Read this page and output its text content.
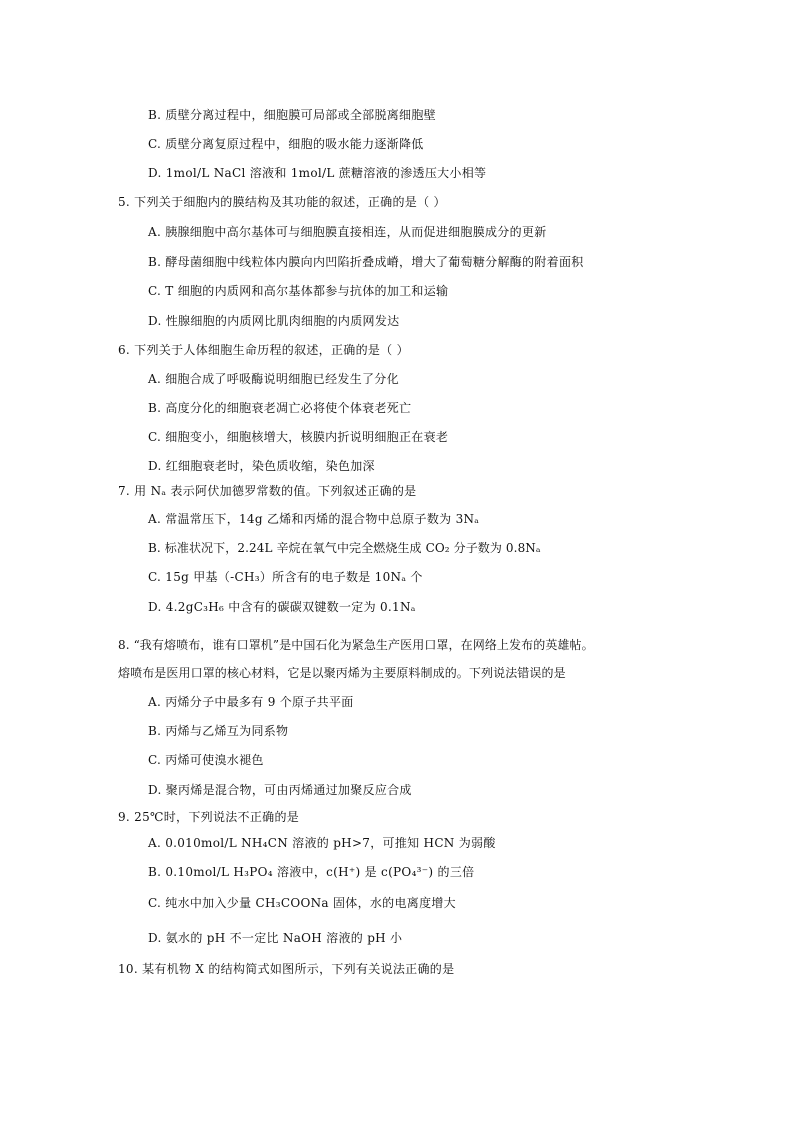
B. 质壁分离过程中，细胞膜可局部或全部脱离细胞壁
C. 质壁分离复原过程中，细胞的吸水能力逐渐降低
D. 1mol/L NaCl 溶液和 1mol/L 蔗糖溶液的渗透压大小相等
5. 下列关于细胞内的膜结构及其功能的叙述，正确的是（ ）
A. 胰腺细胞中高尔基体可与细胞膜直接相连，从而促进细胞膜成分的更新
B. 酵母菌细胞中线粒体内膜向内凹陷折叠成嵴，增大了葡萄糖分解酶的附着面积
C. T 细胞的内质网和高尔基体都参与抗体的加工和运输
D. 性腺细胞的内质网比肌肉细胞的内质网发达
6. 下列关于人体细胞生命历程的叙述，正确的是（ ）
A. 细胞合成了呼吸酶说明细胞已经发生了分化
B. 高度分化的细胞衰老凋亡必将使个体衰老死亡
C. 细胞变小，细胞核增大，核膜内折说明细胞正在衰老
D. 红细胞衰老时，染色质收缩，染色加深
7. 用 Nₐ 表示阿伏加德罗常数的值。下列叙述正确的是
A. 常温常压下，14g 乙烯和丙烯的混合物中总原子数为 3Nₐ
B. 标准状况下，2.24L 辛烷在氧气中完全燃烧生成 CO₂ 分子数为 0.8Nₐ
C. 15g 甲基（-CH₃）所含有的电子数是 10Nₐ 个
D. 4.2gC₃H₆ 中含有的碳碳双键数一定为 0.1Nₐ
8. “我有熔喷布，谁有口罩机”是中国石化为紧急生产医用口罩，在网络上发布的英雄帖。
熔喷布是医用口罩的核心材料，它是以聚丙烯为主要原料制成的。下列说法错误的是
A. 丙烯分子中最多有 9 个原子共平面
B. 丙烯与乙烯互为同系物
C. 丙烯可使溴水褪色
D. 聚丙烯是混合物，可由丙烯通过加聚反应合成
9. 25℃时，下列说法不正确的是
A. 0.010mol/L NH₄CN 溶液的 pH>7，可推知 HCN 为弱酸
B. 0.10mol/L H₃PO₄ 溶液中，c(H⁺) 是 c(PO₄³⁻) 的三倍
C. 纯水中加入少量 CH₃COONa 固体，水的电离度增大
D. 氨水的 pH 不一定比 NaOH 溶液的 pH 小
10. 某有机物 X 的结构简式如图所示，下列有关说法正确的是
